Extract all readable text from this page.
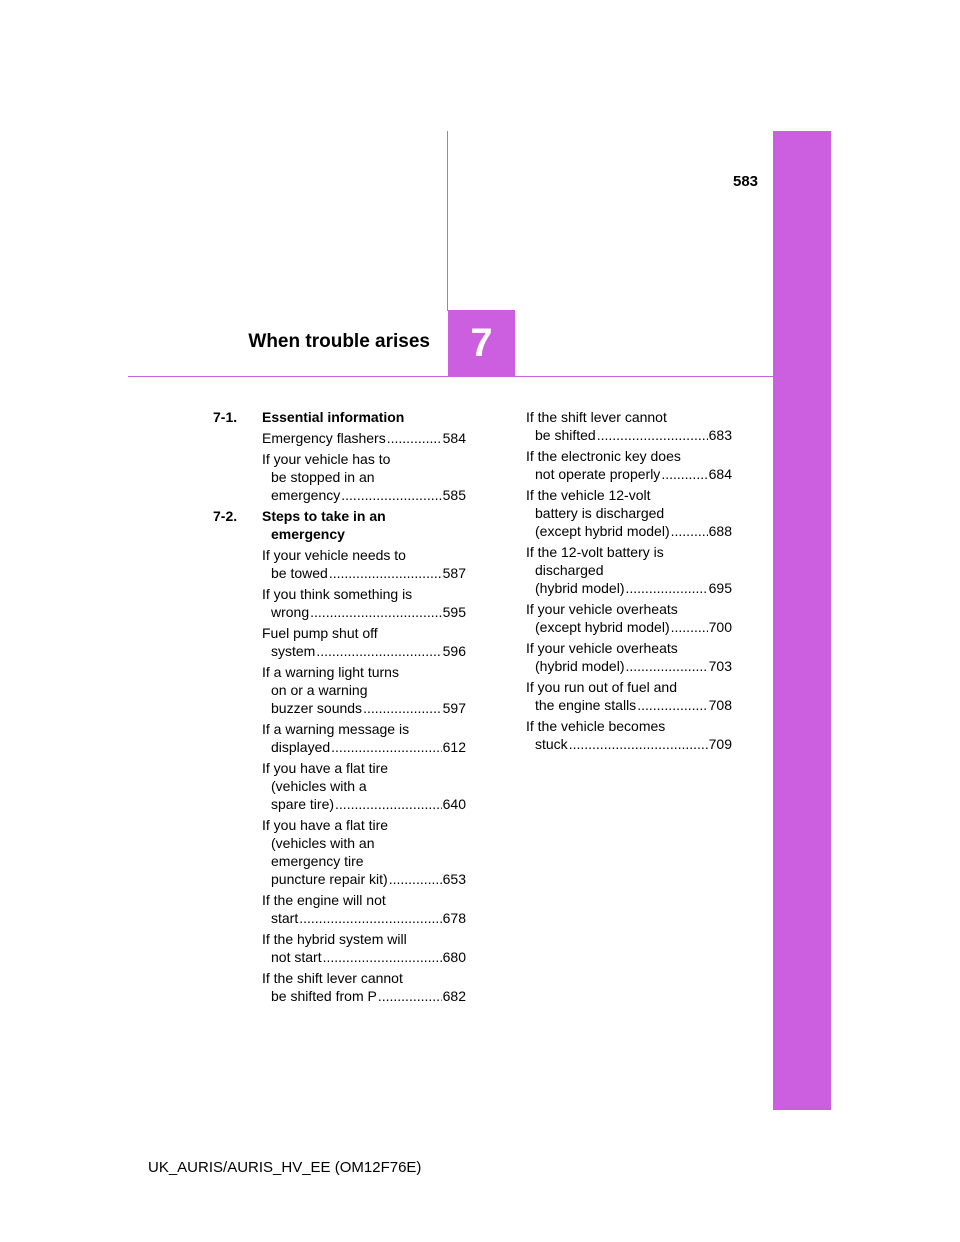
7
When trouble arises
583
7-1. Essential information
Emergency flashers .....	584
If your vehicle has to
be stopped in an
emergency .....	585
7-2. Steps to take in an
emergency
If your vehicle needs to
be towed .....	587
If you think something is
wrong .....	595
Fuel pump shut off
system .....	596
If a warning light turns
on or a warning
buzzer sounds .....	597
If a warning message is
displayed .....	612
If you have a flat tire
(vehicles with a
spare tire) .....	640
If you have a flat tire
(vehicles with an
emergency tire
puncture repair kit) .....	653
If the engine will not
start .....	678
If the hybrid system will
not start .....	680
If the shift lever cannot
be shifted from P .....	682
If the shift lever cannot
be shifted .....	683
If the electronic key does
not operate properly .....	684
If the vehicle 12-volt
battery is discharged
(except hybrid model) .....	688
If the 12-volt battery is
discharged
(hybrid model) .....	695
If your vehicle overheats
(except hybrid model) .....	700
If your vehicle overheats
(hybrid model) .....	703
If you run out of fuel and
the engine stalls .....	708
If the vehicle becomes
stuck .....	709
UK_AURIS/AURIS_HV_EE (OM12F76E)
